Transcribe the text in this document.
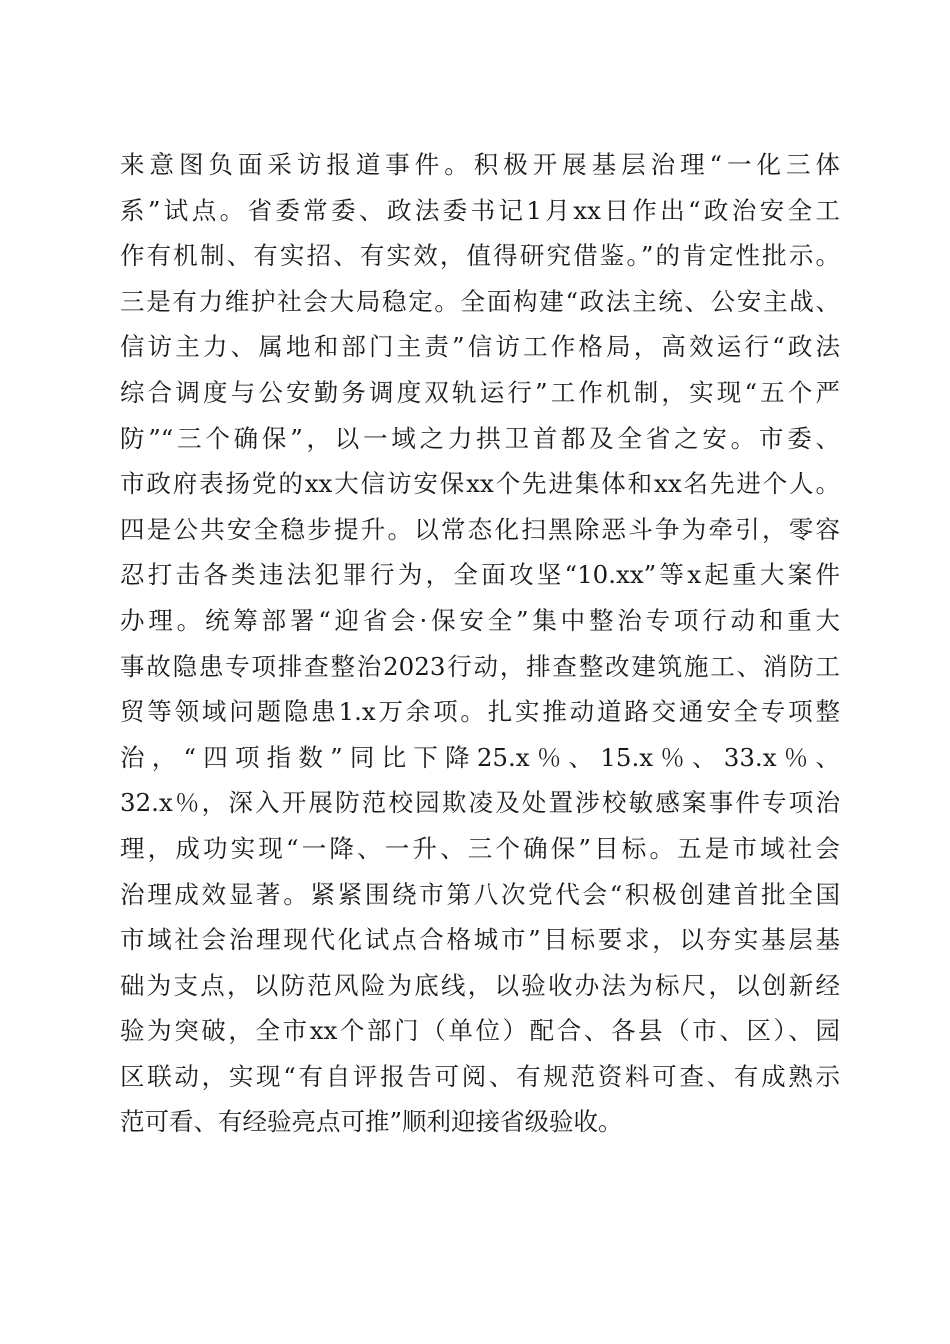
来意图负面采访报道事件。积极开展基层治理“一化三体
系”试点。省委常委、政法委书记1月xx日作出“政治安全工
作有机制、有实招、有实效，值得研究借鉴。”的肯定性批示。
三是有力维护社会大局稳定。全面构建“政法主统、公安主战、
信访主力、属地和部门主责”信访工作格局，高效运行“政法
综合调度与公安勤务调度双轨运行”工作机制，实现“五个严
防”“三个确保”，以一域之力拱卫首都及全省之安。市委、
市政府表扬党的xx大信访安保xx个先进集体和xx名先进个人。
四是公共安全稳步提升。以常态化扫黑除恶斗争为牵引，零容
忍打击各类违法犯罪行为，全面攻坚“10.xx”等x起重大案件
办理。统筹部署“迎省会·保安全”集中整治专项行动和重大
事故隐患专项排查整治2023行动，排查整改建筑施工、消防工
贸等领域问题隐患1.x万余项。扎实推动道路交通安全专项整
治，“四项指数”同比下降25.x％、15.x％、33.x％、
32.x％，深入开展防范校园欺凌及处置涉校敏感案事件专项治
理，成功实现“一降、一升、三个确保”目标。五是市域社会
治理成效显著。紧紧围绕市第八次党代会“积极创建首批全国
市域社会治理现代化试点合格城市”目标要求，以夯实基层基
础为支点，以防范风险为底线，以验收办法为标尺，以创新经
验为突破，全市xx个部门（单位）配合、各县（市、区）、园
区联动，实现“有自评报告可阅、有规范资料可查、有成熟示
范可看、有经验亮点可推”顺利迎接省级验收。
